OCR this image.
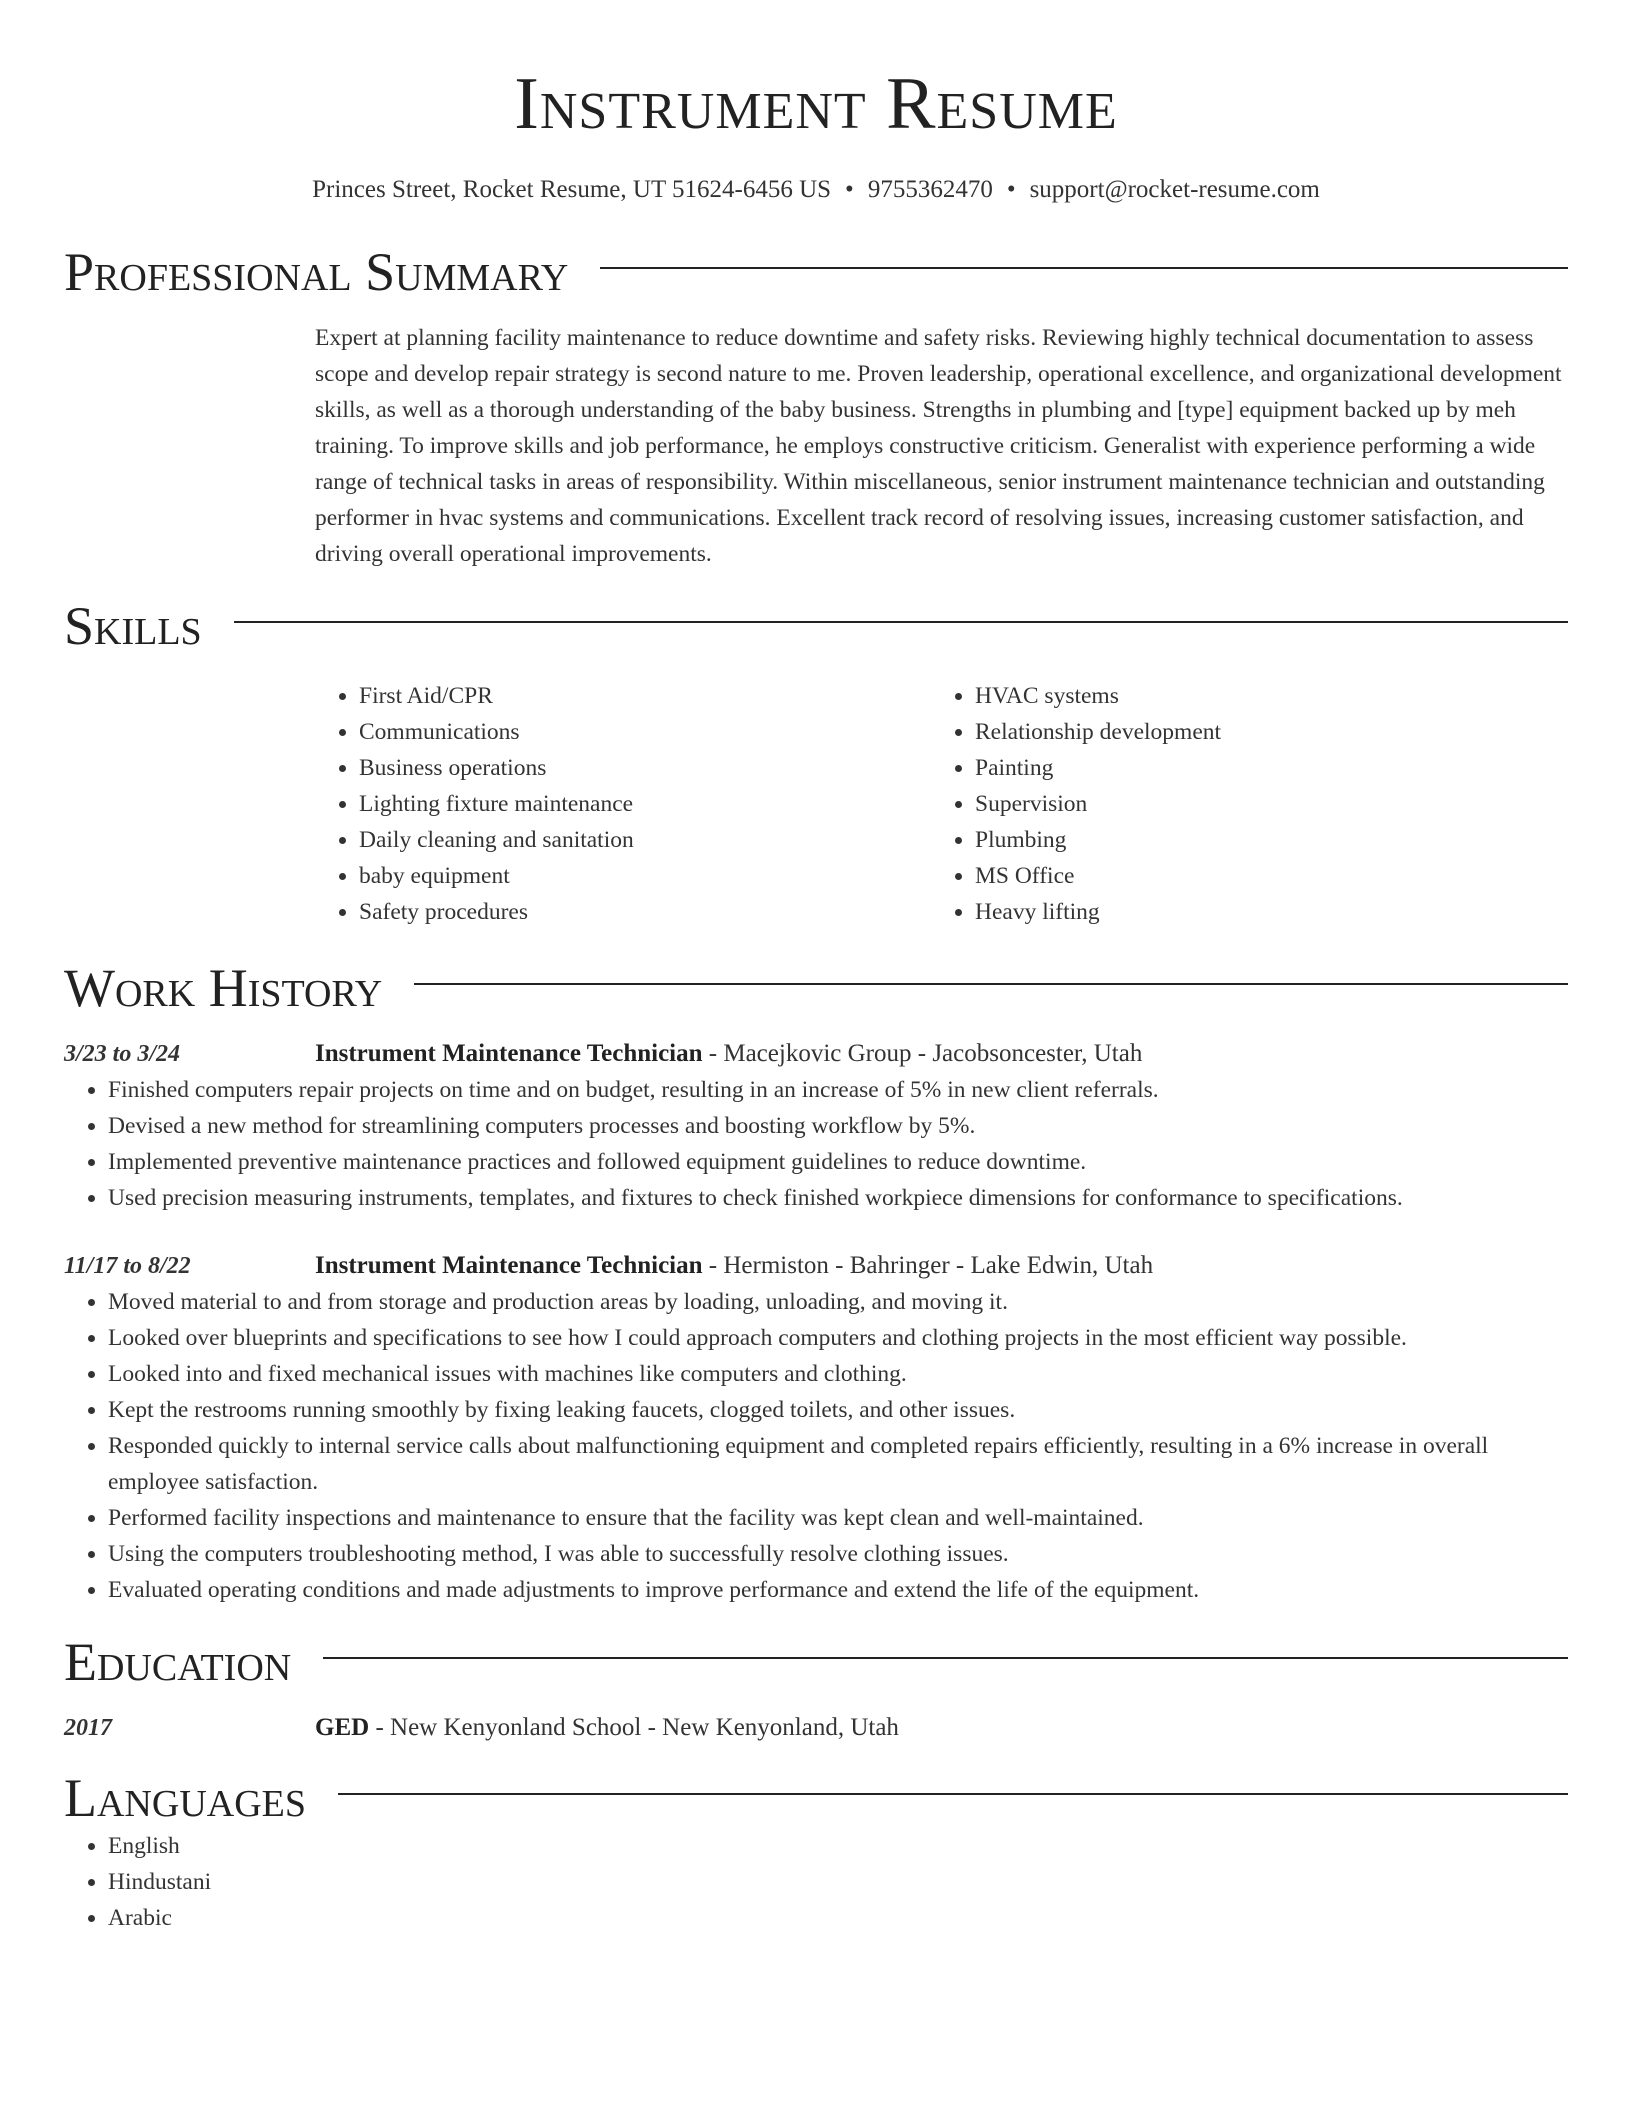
Instrument Resume
Princes Street, Rocket Resume, UT 51624-6456 US • 9755362470 • support@rocket-resume.com
Professional Summary
Expert at planning facility maintenance to reduce downtime and safety risks. Reviewing highly technical documentation to assess scope and develop repair strategy is second nature to me. Proven leadership, operational excellence, and organizational development skills, as well as a thorough understanding of the baby business. Strengths in plumbing and [type] equipment backed up by meh training. To improve skills and job performance, he employs constructive criticism. Generalist with experience performing a wide range of technical tasks in areas of responsibility. Within miscellaneous, senior instrument maintenance technician and outstanding performer in hvac systems and communications. Excellent track record of resolving issues, increasing customer satisfaction, and driving overall operational improvements.
Skills
• First Aid/CPR
• Communications
• Business operations
• Lighting fixture maintenance
• Daily cleaning and sanitation
• baby equipment
• Safety procedures
• HVAC systems
• Relationship development
• Painting
• Supervision
• Plumbing
• MS Office
• Heavy lifting
Work History
3/23 to 3/24	Instrument Maintenance Technician - Macejkovic Group - Jacobsoncester, Utah
• Finished computers repair projects on time and on budget, resulting in an increase of 5% in new client referrals.
• Devised a new method for streamlining computers processes and boosting workflow by 5%.
• Implemented preventive maintenance practices and followed equipment guidelines to reduce downtime.
• Used precision measuring instruments, templates, and fixtures to check finished workpiece dimensions for conformance to specifications.
11/17 to 8/22	Instrument Maintenance Technician - Hermiston - Bahringer - Lake Edwin, Utah
• Moved material to and from storage and production areas by loading, unloading, and moving it.
• Looked over blueprints and specifications to see how I could approach computers and clothing projects in the most efficient way possible.
• Looked into and fixed mechanical issues with machines like computers and clothing.
• Kept the restrooms running smoothly by fixing leaking faucets, clogged toilets, and other issues.
• Responded quickly to internal service calls about malfunctioning equipment and completed repairs efficiently, resulting in a 6% increase in overall employee satisfaction.
• Performed facility inspections and maintenance to ensure that the facility was kept clean and well-maintained.
• Using the computers troubleshooting method, I was able to successfully resolve clothing issues.
• Evaluated operating conditions and made adjustments to improve performance and extend the life of the equipment.
Education
2017	GED - New Kenyonland School - New Kenyonland, Utah
Languages
• English
• Hindustani
• Arabic
